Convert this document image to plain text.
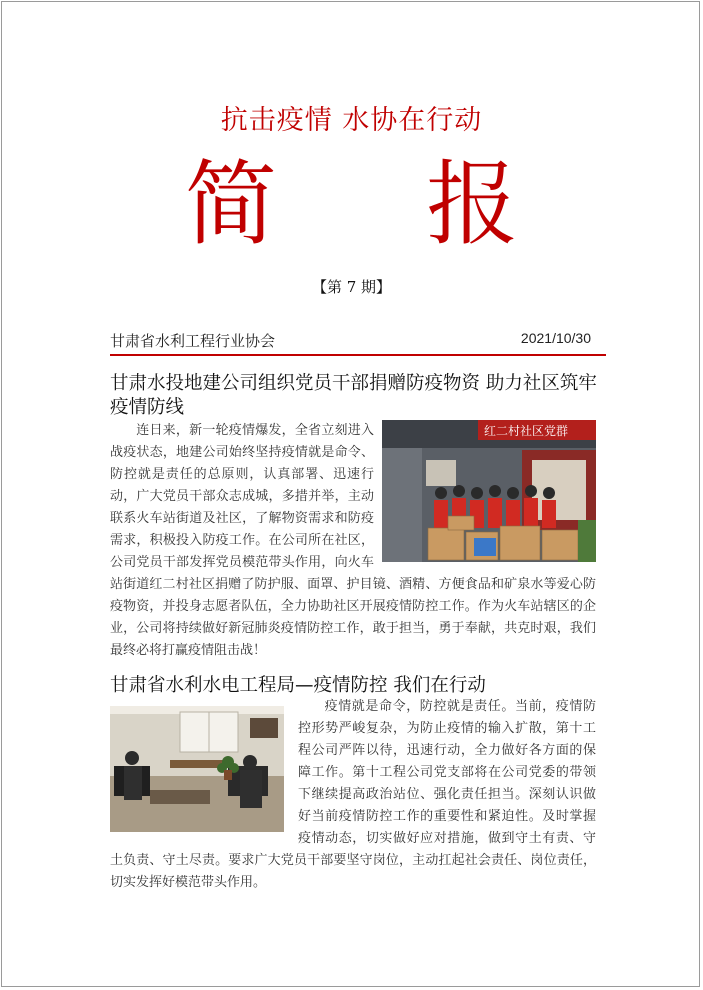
抗击疫情 水协在行动
简 报
【第 7 期】
甘肃省水利工程行业协会	2021/10/30
甘肃水投地建公司组织党员干部捐赠防疫物资 助力社区筑牢疫情防线
红二村社区党群
连日来，新一轮疫情爆发，全省立刻进入战疫状态，地建公司始终坚持疫情就是命令、防控就是责任的总原则，认真部署、迅速行动，广大党员干部众志成城，多措并举，主动联系火车站街道及社区，了解物资需求和防疫需求，积极投入防疫工作。在公司所在社区，公司党员干部发挥党员模范带头作用，向火车站街道红二村社区捐赠了防护服、面罩、护目镜、酒精、方便食品和矿泉水等爱心防疫物资，并投身志愿者队伍，全力协助社区开展疫情防控工作。作为火车站辖区的企业，公司将持续做好新冠肺炎疫情防控工作，敢于担当，勇于奉献，共克时艰，我们最终必将打赢疫情阻击战！
甘肃省水利水电工程局—疫情防控 我们在行动
疫情就是命令，防控就是责任。当前，疫情防控形势严峻复杂，为防止疫情的输入扩散，第十工程公司严阵以待，迅速行动，全力做好各方面的保障工作。第十工程公司党支部将在公司党委的带领下继续提高政治站位、强化责任担当。深刻认识做好当前疫情防控工作的重要性和紧迫性。及时掌握疫情动态，切实做好应对措施，做到守土有责、守土负责、守土尽责。要求广大党员干部要坚守岗位，主动扛起社会责任、岗位责任，切实发挥好模范带头作用。
